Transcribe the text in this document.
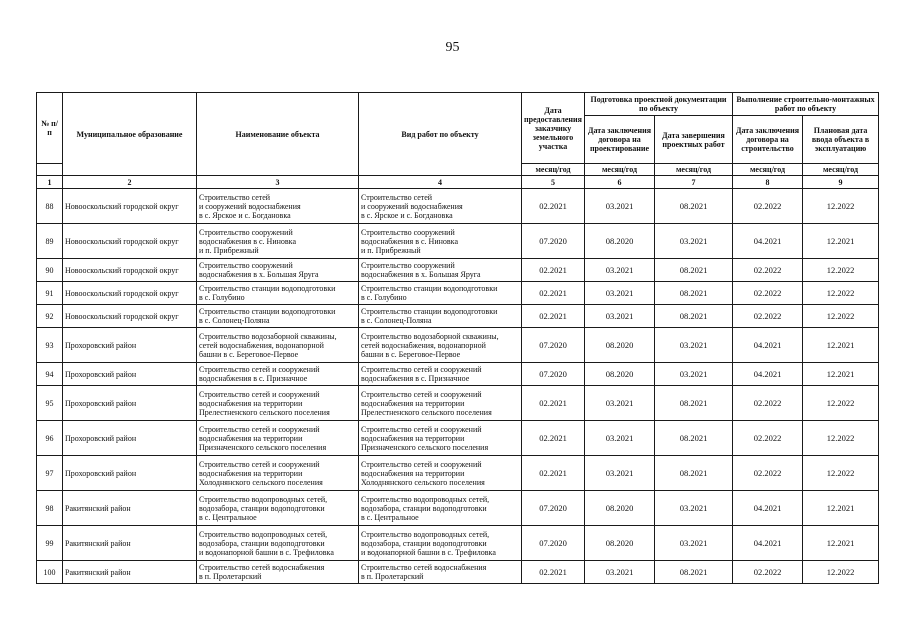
95
№ п/п	Муниципальное образование	Наименование объекта	Вид работ по объекту	Дата предоставления заказчику земельного участка	Подготовка проектной документации по объекту		Выполнение строительно-монтажных работ по объекту	
					Дата заключения договора на проектирование	Дата завершения проектных работ	Дата заключения договора на строительство	Плановая дата ввода объекта в эксплуатацию
				месяц/год	месяц/год	месяц/год	месяц/год	месяц/год
1	2	3	4	5	6	7	8	9
88	Новооскольский городской округ	Строительство сетей
и сооружений водоснабжения
в с. Ярское и с. Богдановка	Строительство сетей
и сооружений водоснабжения
в с. Ярское и с. Богдановка	02.2021	03.2021	08.2021	02.2022	12.2022
89	Новооскольский городской округ	Строительство сооружений
водоснабжения в с. Ниновка
и п. Прибрежный	Строительство сооружений
водоснабжения в с. Ниновка
и п. Прибрежный	07.2020	08.2020	03.2021	04.2021	12.2021
90	Новооскольский городской округ	Строительство сооружений
водоснабжения в х. Большая Яруга	Строительство сооружений
водоснабжения в х. Большая Яруга	02.2021	03.2021	08.2021	02.2022	12.2022
91	Новооскольский городской округ	Строительство станции водоподготовки
в с. Голубино	Строительство станции водоподготовки
в с. Голубино	02.2021	03.2021	08.2021	02.2022	12.2022
92	Новооскольский городской округ	Строительство станции водоподготовки
в с. Солонец-Поляна	Строительство станции водоподготовки
в с. Солонец-Поляна	02.2021	03.2021	08.2021	02.2022	12.2022
93	Прохоровский район	Строительство водозаборной скважины,
сетей водоснабжения, водонапорной
башни в с. Береговое-Первое	Строительство водозаборной скважины,
сетей водоснабжения, водонапорной
башни в с. Береговое-Первое	07.2020	08.2020	03.2021	04.2021	12.2021
94	Прохоровский район	Строительство сетей и сооружений
водоснабжения в с. Призначное	Строительство сетей и сооружений
водоснабжения в с. Призначное	07.2020	08.2020	03.2021	04.2021	12.2021
95	Прохоровский район	Строительство сетей и сооружений
водоснабжения на территории
Прелестненского сельского поселения	Строительство сетей и сооружений
водоснабжения на территории
Прелестненского сельского поселения	02.2021	03.2021	08.2021	02.2022	12.2022
96	Прохоровский район	Строительство сетей и сооружений
водоснабжения на территории
Призначенского сельского поселения	Строительство сетей и сооружений
водоснабжения на территории
Призначенского сельского поселения	02.2021	03.2021	08.2021	02.2022	12.2022
97	Прохоровский район	Строительство сетей и сооружений
водоснабжения на территории
Холоднянского сельского поселения	Строительство сетей и сооружений
водоснабжения на территории
Холоднянского сельского поселения	02.2021	03.2021	08.2021	02.2022	12.2022
98	Ракитянский район	Строительство водопроводных сетей,
водозабора, станции водоподготовки
в с. Центральное	Строительство водопроводных сетей,
водозабора, станции водоподготовки
в с. Центральное	07.2020	08.2020	03.2021	04.2021	12.2021
99	Ракитянский район	Строительство водопроводных сетей,
водозабора, станции водоподготовки
и водонапорной башни в с. Трефиловка	Строительство водопроводных сетей,
водозабора, станции водоподготовки
и водонапорной башни в с. Трефиловка	07.2020	08.2020	03.2021	04.2021	12.2021
100	Ракитянский район	Строительство сетей водоснабжения
в п. Пролетарский	Строительство сетей водоснабжения
в п. Пролетарский	02.2021	03.2021	08.2021	02.2022	12.2022
